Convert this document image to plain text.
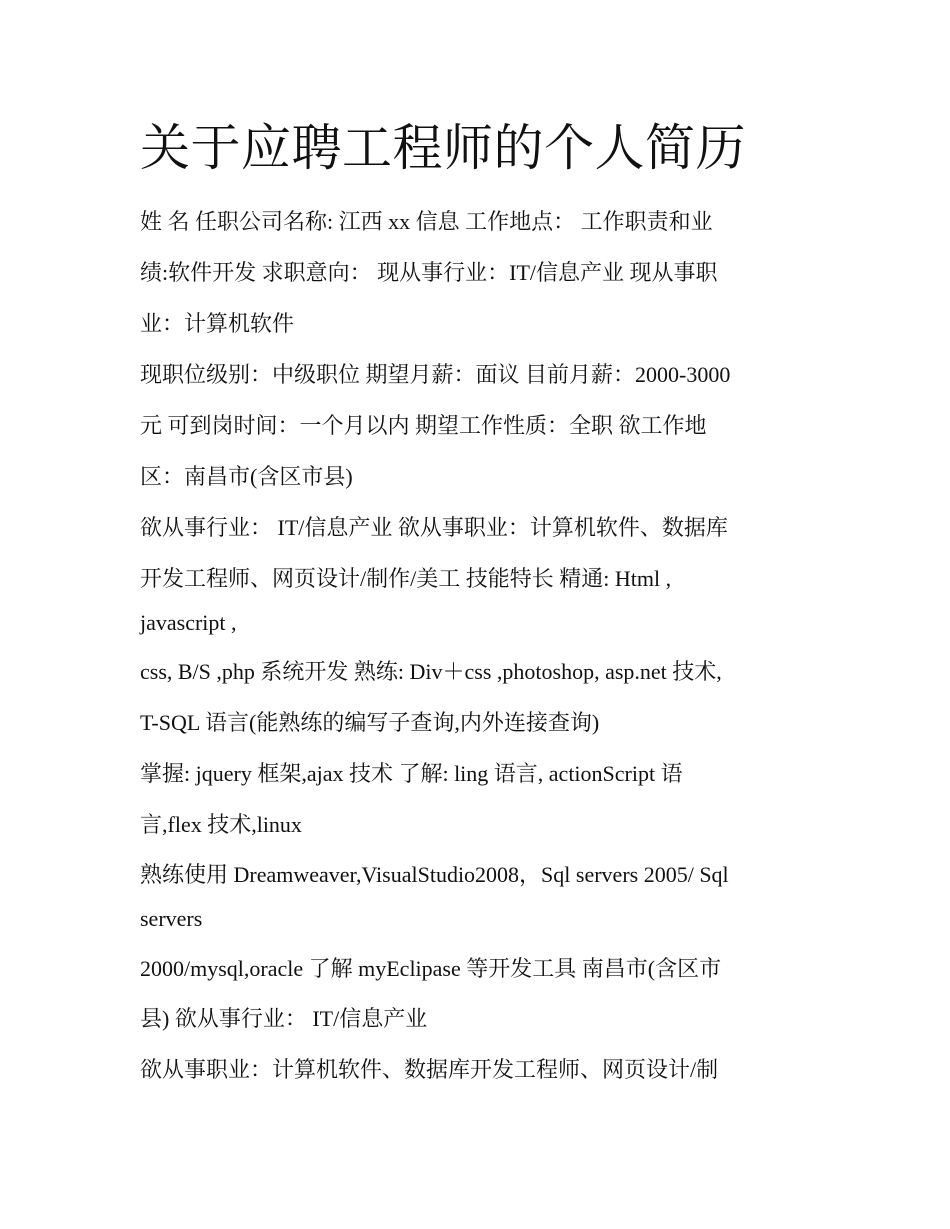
关于应聘工程师的个人简历

姓 名 任职公司名称: 江西 xx 信息 工作地点： 工作职责和业

绩:软件开发 求职意向： 现从事行业：IT/信息产业 现从事职

业：计算机软件

现职位级别：中级职位 期望月薪：面议 目前月薪：2000-3000

元 可到岗时间：一个月以内 期望工作性质：全职 欲工作地

区：南昌市(含区市县)

欲从事行业： IT/信息产业 欲从事职业：计算机软件、数据库

开发工程师、网页设计/制作/美工 技能特长 精通: Html ,

javascript ,

css, B/S ,php 系统开发 熟练: Div＋css ,photoshop, asp.net 技术,

T-SQL 语言(能熟练的编写子查询,内外连接查询)

掌握: jquery 框架,ajax 技术 了解: ling 语言, actionScript 语

言,flex 技术,linux

熟练使用 Dreamweaver,VisualStudio2008，Sql servers 2005/ Sql

servers

2000/mysql,oracle 了解 myEclipase 等开发工具 南昌市(含区市

县) 欲从事行业： IT/信息产业

欲从事职业：计算机软件、数据库开发工程师、网页设计/制
